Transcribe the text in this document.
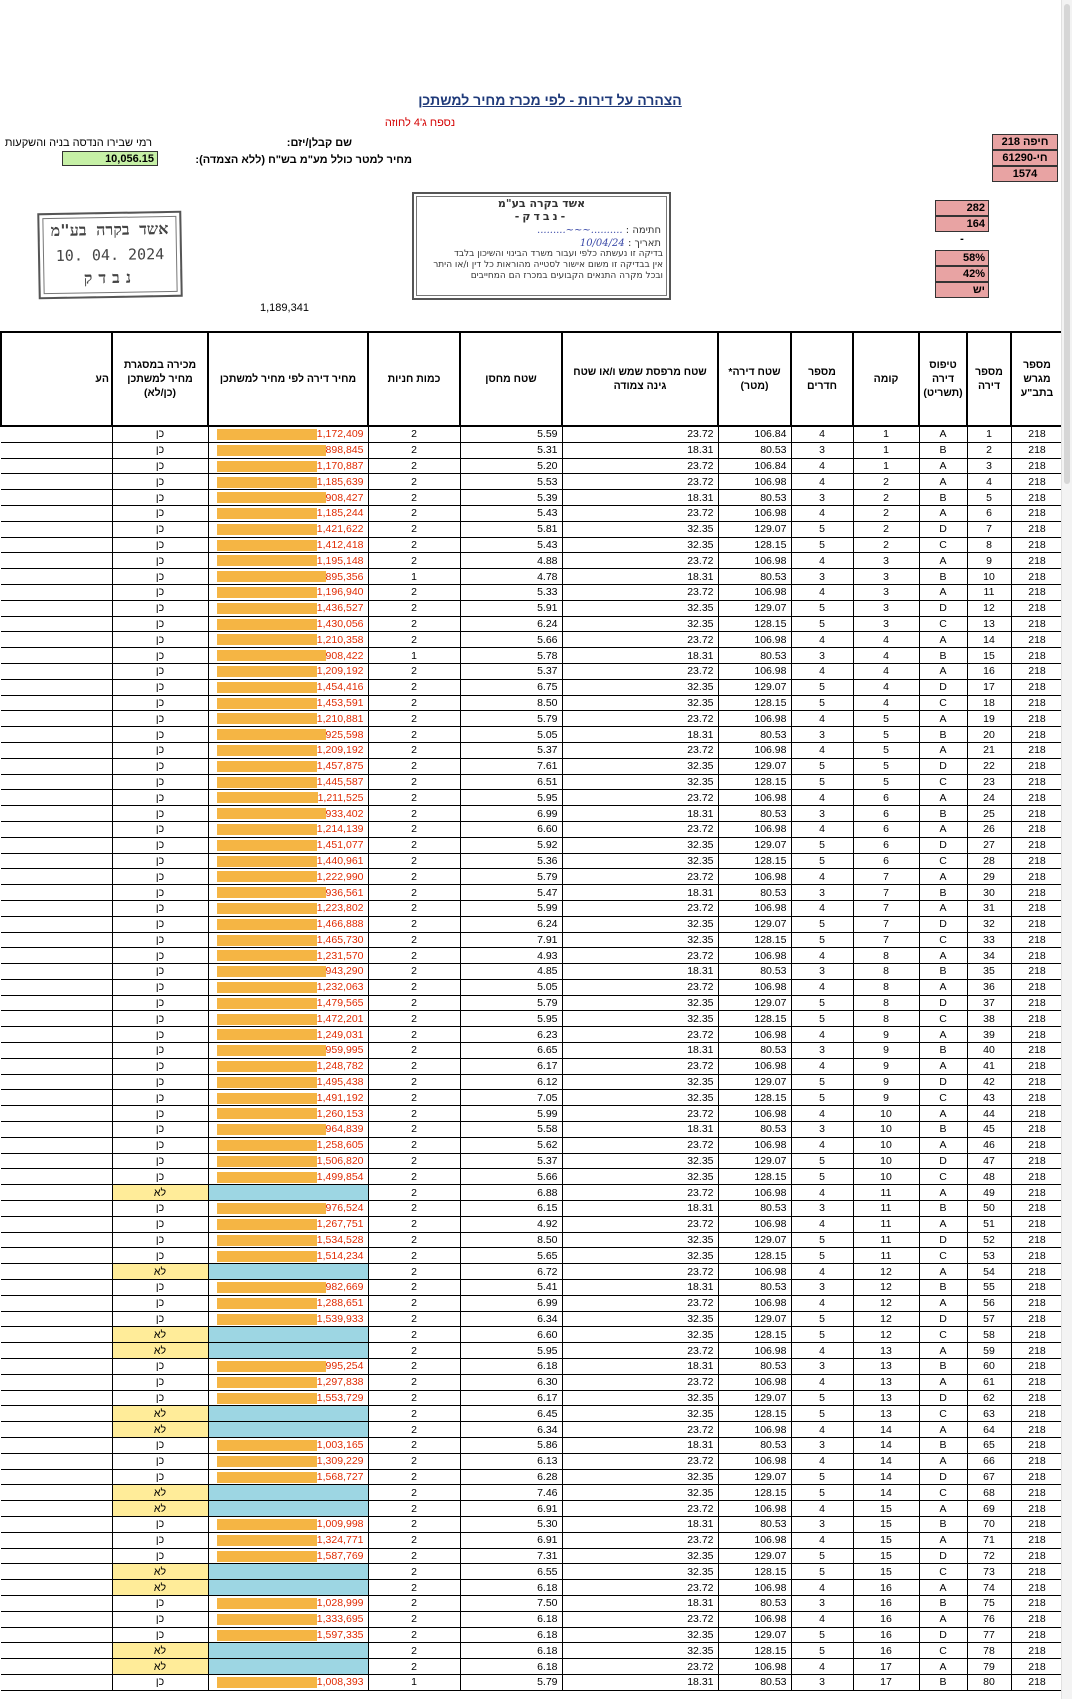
הצהרה על דירות - לפי מכרז מחיר למשתכן
נספח ג'4 לחוזה
שם קבלן/יזם:
רמי שבירו הנדסה בניה והשקעות
מחיר למטר כולל מע"מ בש"ח (ללא הצמדה):
10,056.15
חיפה 218
חי-61290
1574
282
164
-
58%
42%
יש
אשד בקרה בע"מ
10. 04. 2024
נבדק
אשד בקרה בע"מ
-נבדק-
חתימה : ..........~~~.........
תאריך : 10/04/24
בדיקה זו נעשתה כלפי ועבור משרד הבינוי והשיכון בלבד
אין בבדיקה זו משום אישור לסטייה מהוראות כל דין ו/או היתר
ובכל מקרה התנאים הקבועים במכרז הם המחייבים
1,189,341
מספר מגרש בתב"ע	מספר דירה	טיפוס דירה (תשריט)	קומה	מספר חדרים	שטח דירה* (מטר)	שטח מרפסת שמש ו/או שטח גינה צמודה	שטח מחסן	כמות חניות	מחיר דירה לפי מחיר למשתכן	מכירה במסגרת מחיר למשתכן (כן/לא)	הע
218	1	A	1	4	106.84	23.72	5.59	2	1,172,409	כן	
218	2	B	1	3	80.53	18.31	5.31	2	898,845	כן	
218	3	A	1	4	106.84	23.72	5.20	2	1,170,887	כן	
218	4	A	2	4	106.98	23.72	5.53	2	1,185,639	כן	
218	5	B	2	3	80.53	18.31	5.39	2	908,427	כן	
218	6	A	2	4	106.98	23.72	5.43	2	1,185,244	כן	
218	7	D	2	5	129.07	32.35	5.81	2	1,421,622	כן	
218	8	C	2	5	128.15	32.35	5.43	2	1,412,418	כן	
218	9	A	3	4	106.98	23.72	4.88	2	1,195,148	כן	
218	10	B	3	3	80.53	18.31	4.78	1	895,356	כן	
218	11	A	3	4	106.98	23.72	5.33	2	1,196,940	כן	
218	12	D	3	5	129.07	32.35	5.91	2	1,436,527	כן	
218	13	C	3	5	128.15	32.35	6.24	2	1,430,056	כן	
218	14	A	4	4	106.98	23.72	5.66	2	1,210,358	כן	
218	15	B	4	3	80.53	18.31	5.78	1	908,422	כן	
218	16	A	4	4	106.98	23.72	5.37	2	1,209,192	כן	
218	17	D	4	5	129.07	32.35	6.75	2	1,454,416	כן	
218	18	C	4	5	128.15	32.35	8.50	2	1,453,591	כן	
218	19	A	5	4	106.98	23.72	5.79	2	1,210,881	כן	
218	20	B	5	3	80.53	18.31	5.05	2	925,598	כן	
218	21	A	5	4	106.98	23.72	5.37	2	1,209,192	כן	
218	22	D	5	5	129.07	32.35	7.61	2	1,457,875	כן	
218	23	C	5	5	128.15	32.35	6.51	2	1,445,587	כן	
218	24	A	6	4	106.98	23.72	5.95	2	1,211,525	כן	
218	25	B	6	3	80.53	18.31	6.99	2	933,402	כן	
218	26	A	6	4	106.98	23.72	6.60	2	1,214,139	כן	
218	27	D	6	5	129.07	32.35	5.92	2	1,451,077	כן	
218	28	C	6	5	128.15	32.35	5.36	2	1,440,961	כן	
218	29	A	7	4	106.98	23.72	5.79	2	1,222,990	כן	
218	30	B	7	3	80.53	18.31	5.47	2	936,561	כן	
218	31	A	7	4	106.98	23.72	5.99	2	1,223,802	כן	
218	32	D	7	5	129.07	32.35	6.24	2	1,466,888	כן	
218	33	C	7	5	128.15	32.35	7.91	2	1,465,730	כן	
218	34	A	8	4	106.98	23.72	4.93	2	1,231,570	כן	
218	35	B	8	3	80.53	18.31	4.85	2	943,290	כן	
218	36	A	8	4	106.98	23.72	5.05	2	1,232,063	כן	
218	37	D	8	5	129.07	32.35	5.79	2	1,479,565	כן	
218	38	C	8	5	128.15	32.35	5.95	2	1,472,201	כן	
218	39	A	9	4	106.98	23.72	6.23	2	1,249,031	כן	
218	40	B	9	3	80.53	18.31	6.65	2	959,995	כן	
218	41	A	9	4	106.98	23.72	6.17	2	1,248,782	כן	
218	42	D	9	5	129.07	32.35	6.12	2	1,495,438	כן	
218	43	C	9	5	128.15	32.35	7.05	2	1,491,192	כן	
218	44	A	10	4	106.98	23.72	5.99	2	1,260,153	כן	
218	45	B	10	3	80.53	18.31	5.58	2	964,839	כן	
218	46	A	10	4	106.98	23.72	5.62	2	1,258,605	כן	
218	47	D	10	5	129.07	32.35	5.37	2	1,506,820	כן	
218	48	C	10	5	128.15	32.35	5.66	2	1,499,854	כן	
218	49	A	11	4	106.98	23.72	6.88	2		לא	
218	50	B	11	3	80.53	18.31	6.15	2	976,524	כן	
218	51	A	11	4	106.98	23.72	4.92	2	1,267,751	כן	
218	52	D	11	5	129.07	32.35	8.50	2	1,534,528	כן	
218	53	C	11	5	128.15	32.35	5.65	2	1,514,234	כן	
218	54	A	12	4	106.98	23.72	6.72	2		לא	
218	55	B	12	3	80.53	18.31	5.41	2	982,669	כן	
218	56	A	12	4	106.98	23.72	6.99	2	1,288,651	כן	
218	57	D	12	5	129.07	32.35	6.34	2	1,539,933	כן	
218	58	C	12	5	128.15	32.35	6.60	2		לא	
218	59	A	13	4	106.98	23.72	5.95	2		לא	
218	60	B	13	3	80.53	18.31	6.18	2	995,254	כן	
218	61	A	13	4	106.98	23.72	6.30	2	1,297,838	כן	
218	62	D	13	5	129.07	32.35	6.17	2	1,553,729	כן	
218	63	C	13	5	128.15	32.35	6.45	2		לא	
218	64	A	14	4	106.98	23.72	6.34	2		לא	
218	65	B	14	3	80.53	18.31	5.86	2	1,003,165	כן	
218	66	A	14	4	106.98	23.72	6.13	2	1,309,229	כן	
218	67	D	14	5	129.07	32.35	6.28	2	1,568,727	כן	
218	68	C	14	5	128.15	32.35	7.46	2		לא	
218	69	A	15	4	106.98	23.72	6.91	2		לא	
218	70	B	15	3	80.53	18.31	5.30	2	1,009,998	כן	
218	71	A	15	4	106.98	23.72	6.91	2	1,324,771	כן	
218	72	D	15	5	129.07	32.35	7.31	2	1,587,769	כן	
218	73	C	15	5	128.15	32.35	6.55	2		לא	
218	74	A	16	4	106.98	23.72	6.18	2		לא	
218	75	B	16	3	80.53	18.31	7.50	2	1,028,999	כן	
218	76	A	16	4	106.98	23.72	6.18	2	1,333,695	כן	
218	77	D	16	5	129.07	32.35	6.18	2	1,597,335	כן	
218	78	C	16	5	128.15	32.35	6.18	2		לא	
218	79	A	17	4	106.98	23.72	6.18	2		לא	
218	80	B	17	3	80.53	18.31	5.79	1	1,008,393	כן	
